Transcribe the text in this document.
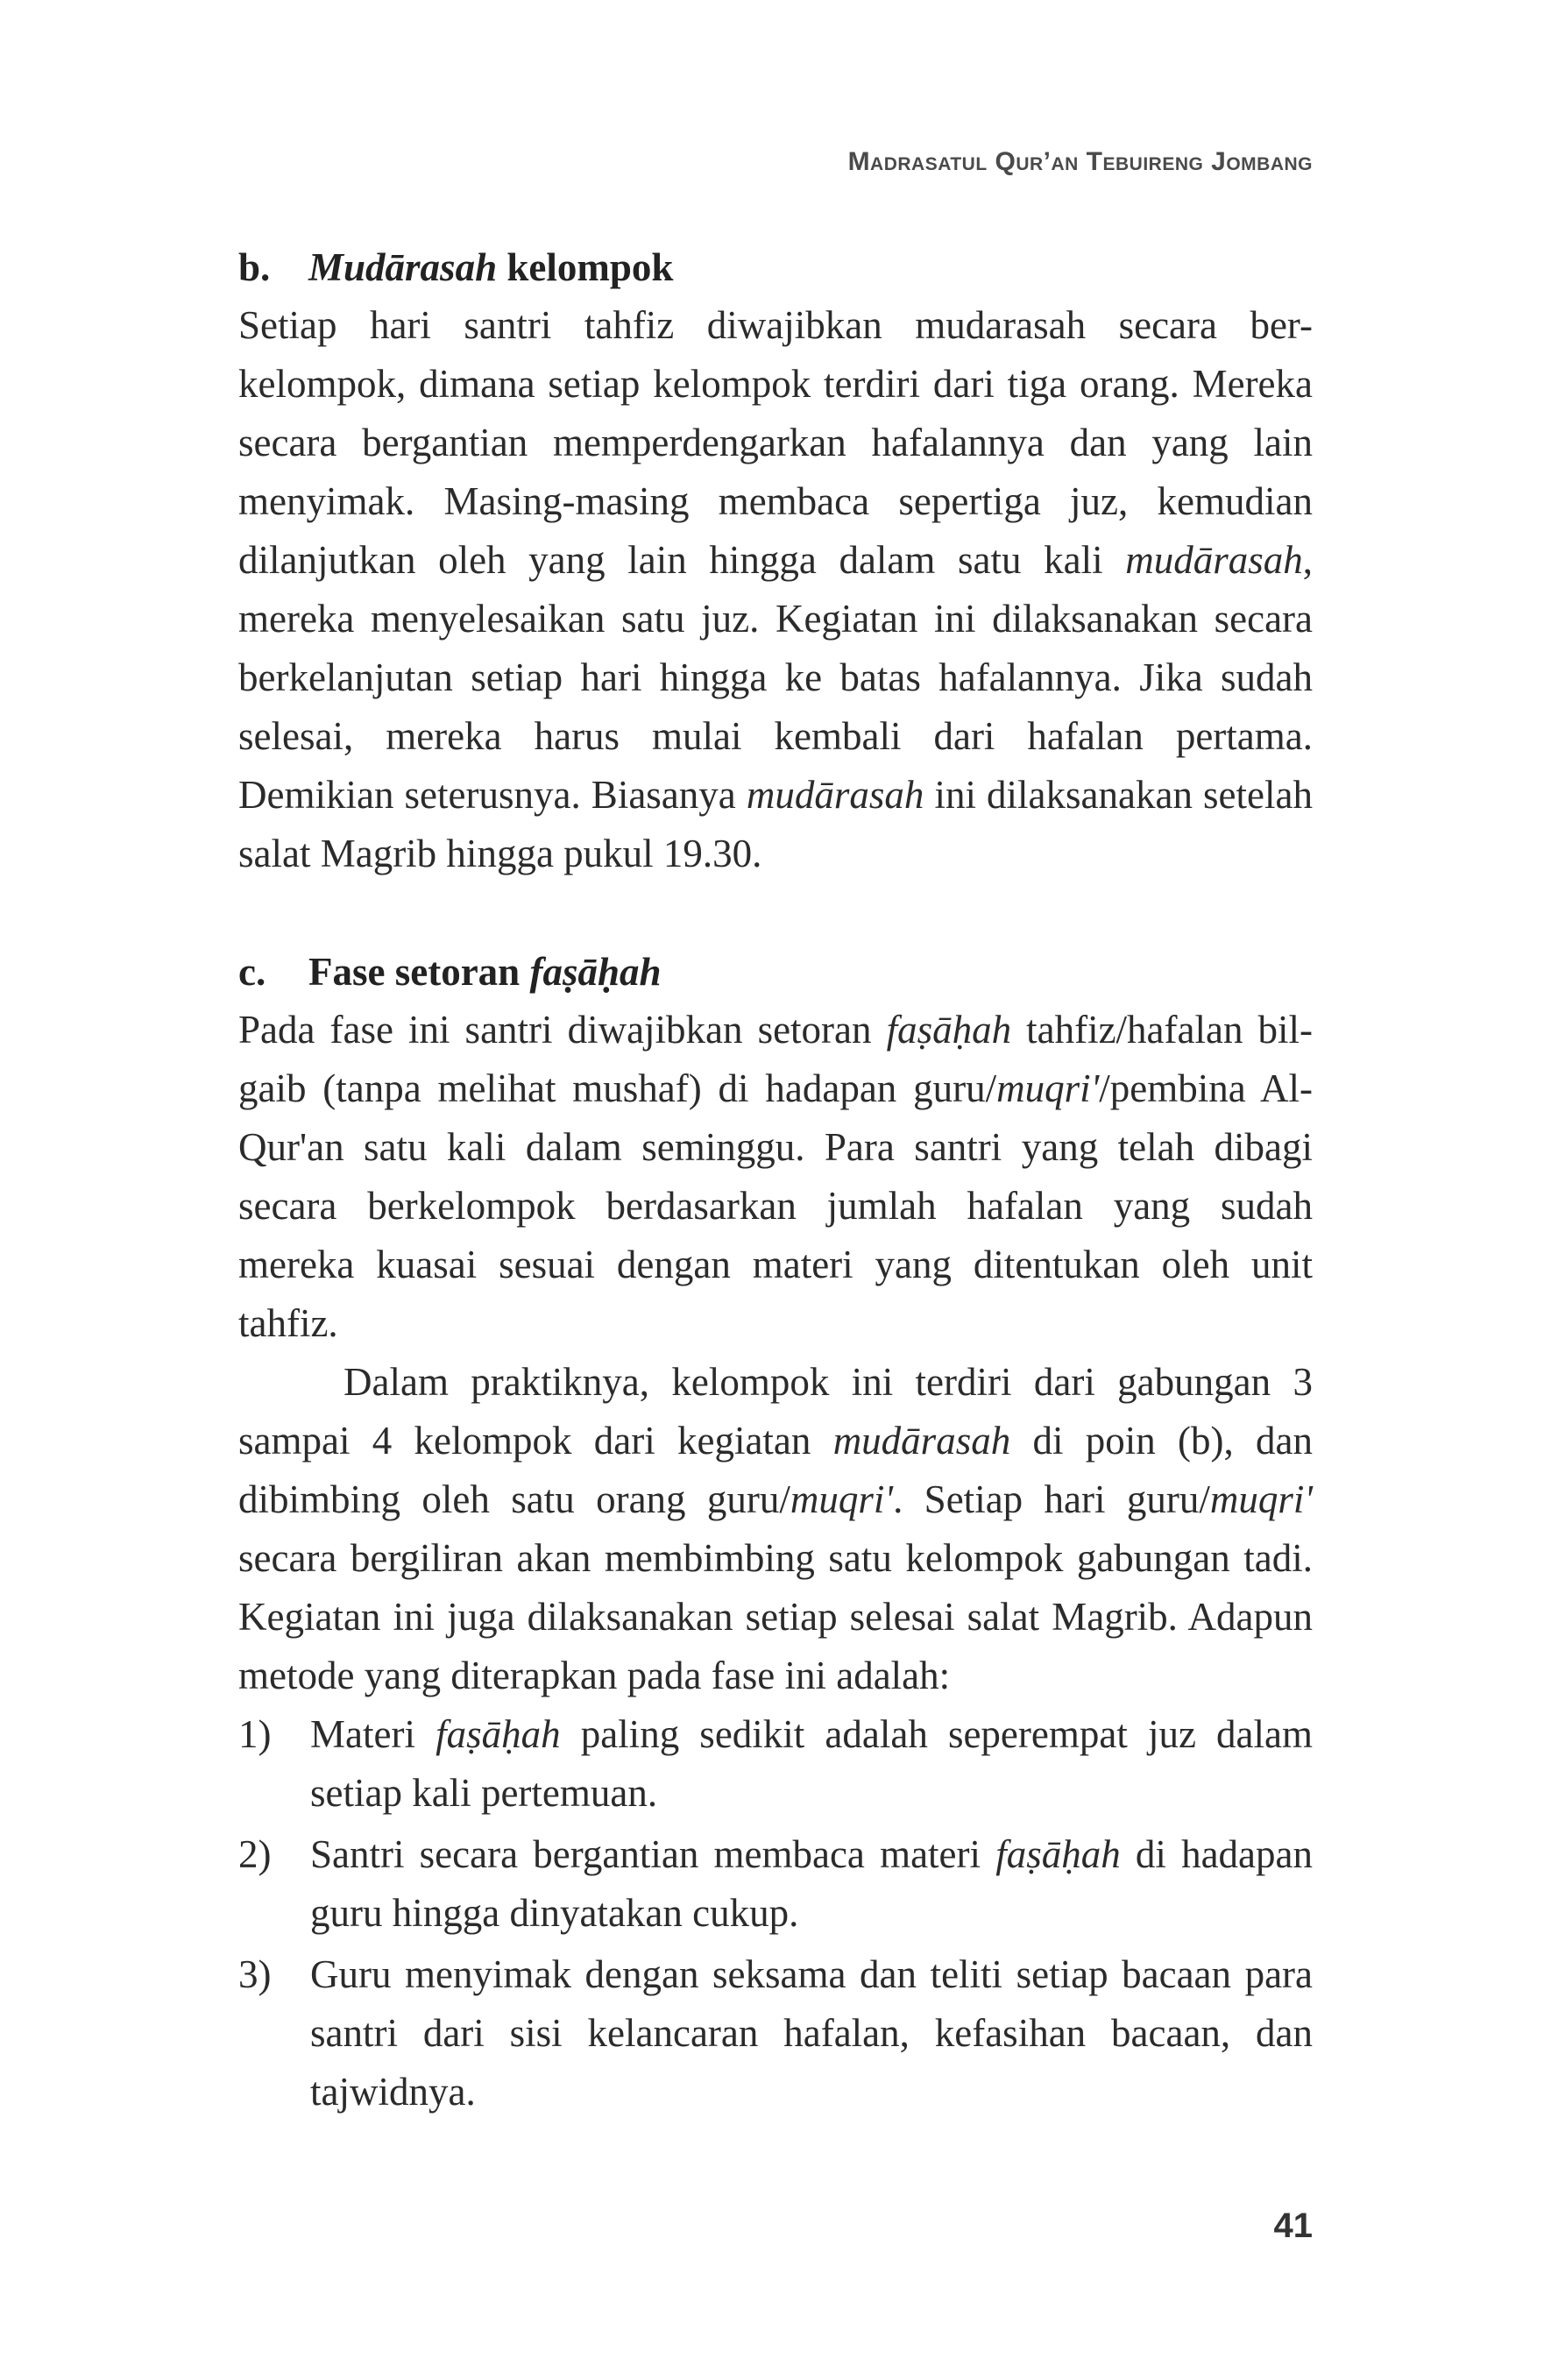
Madrasatul Qur’an Tebuireng Jombang
b. Mudārasah kelompok

Setiap hari santri tahfiz diwajibkan mudarasah secara ber-kelompok, dimana setiap kelompok terdiri dari tiga orang. Mereka secara bergantian memperdengarkan hafalannya dan yang lain menyimak. Masing-masing membaca sepertiga juz, kemudian dilanjutkan oleh yang lain hingga dalam satu kali mudārasah, mereka menyelesaikan satu juz. Kegiatan ini dilaksanakan secara berkelanjutan setiap hari hingga ke batas hafalannya. Jika sudah selesai, mereka harus mulai kembali dari hafalan pertama. Demikian seterusnya. Biasanya mudārasah ini dilaksanakan setelah salat Magrib hingga pukul 19.30.

c.	Fase setoran faṣāḥah

Pada fase ini santri diwajibkan setoran faṣāḥah tahfiz/hafalan bil-gaib (tanpa melihat mushaf) di hadapan guru/muqri'/pembina Al-Qur'an satu kali dalam seminggu. Para santri yang telah dibagi secara berkelompok berdasarkan jumlah hafalan yang sudah mereka kuasai sesuai dengan materi yang ditentukan oleh unit tahfiz.

Dalam praktiknya, kelompok ini terdiri dari gabungan 3 sampai 4 kelompok dari kegiatan mudārasah di poin (b), dan dibimbing oleh satu orang guru/muqri'. Setiap hari guru/muqri' secara bergiliran akan membimbing satu kelompok gabungan tadi. Kegiatan ini juga dilaksanakan setiap selesai salat Magrib. Adapun metode yang diterapkan pada fase ini adalah:

1) Materi faṣāḥah paling sedikit adalah seperempat juz dalam setiap kali pertemuan.
2) Santri secara bergantian membaca materi faṣāḥah di hadapan guru hingga dinyatakan cukup.
3) Guru menyimak dengan seksama dan teliti setiap bacaan para santri dari sisi kelancaran hafalan, kefasihan bacaan, dan tajwidnya.
41
